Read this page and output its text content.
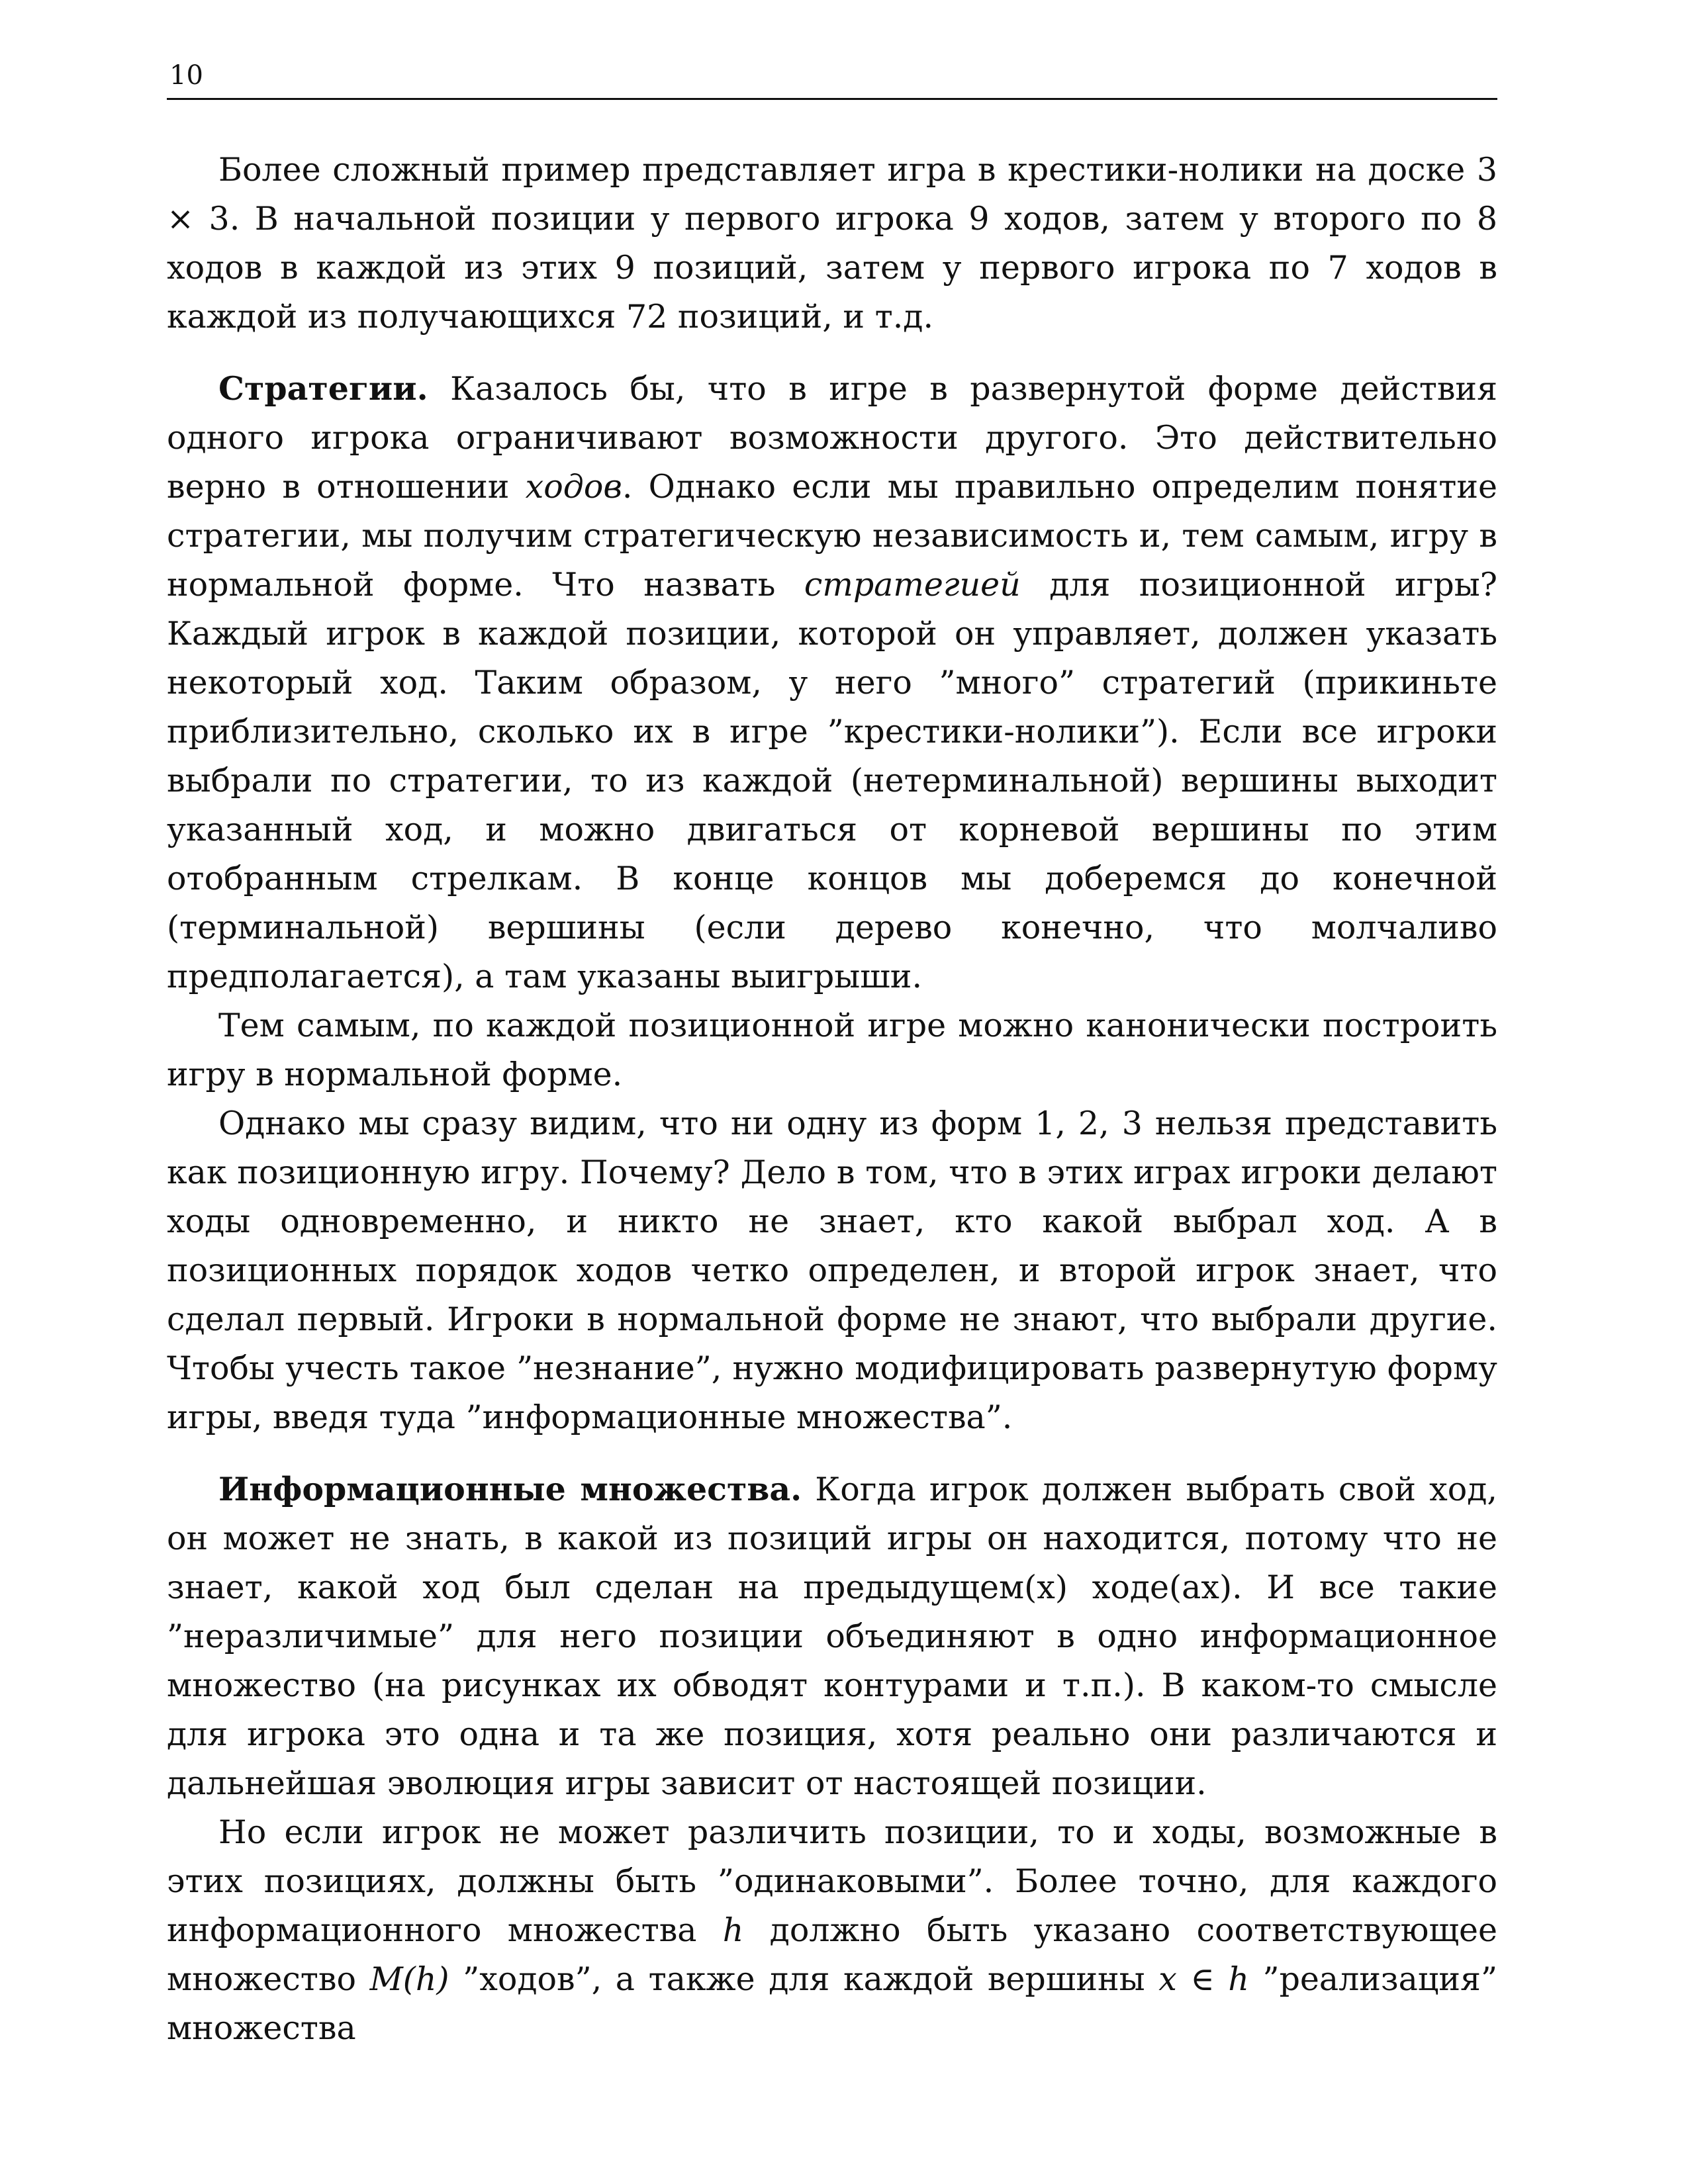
10

Более сложный пример представляет игра в крестики-нолики на доске 3 × 3. В начальной позиции у первого игрока 9 ходов, затем у второго по 8 ходов в каждой из этих 9 позиций, затем у первого игрока по 7 ходов в каждой из получающихся 72 позиций, и т.д.

Стратегии. Казалось бы, что в игре в развернутой форме действия одного игрока ограничивают возможности другого. Это действительно верно в отношении ходов. Однако если мы правильно определим понятие стратегии, мы получим стратегическую независимость и, тем самым, игру в нормальной форме. Что назвать стратегией для позиционной игры? Каждый игрок в каждой позиции, которой он управляет, должен указать некоторый ход. Таким образом, у него ”много” стратегий (прикиньте приблизительно, сколько их в игре ”крестики-нолики”). Если все игроки выбрали по стратегии, то из каждой (нетерминальной) вершины выходит указанный ход, и можно двигаться от корневой вершины по этим отобранным стрелкам. В конце концов мы доберемся до конечной (терминальной) вершины (если дерево конечно, что молчаливо предполагается), а там указаны выигрыши.

Тем самым, по каждой позиционной игре можно канонически построить игру в нормальной форме.

Однако мы сразу видим, что ни одну из форм 1, 2, 3 нельзя представить как позиционную игру. Почему? Дело в том, что в этих играх игроки делают ходы одновременно, и никто не знает, кто какой выбрал ход. А в позиционных порядок ходов четко определен, и второй игрок знает, что сделал первый. Игроки в нормальной форме не знают, что выбрали другие. Чтобы учесть такое ”незнание”, нужно модифицировать развернутую форму игры, введя туда ”информационные множества”.

Информационные множества. Когда игрок должен выбрать свой ход, он может не знать, в какой из позиций игры он находится, потому что не знает, какой ход был сделан на предыдущем(х) ходе(ах). И все такие ”неразличимые” для него позиции объединяют в одно информационное множество (на рисунках их обводят контурами и т.п.). В каком-то смысле для игрока это одна и та же позиция, хотя реально они различаются и дальнейшая эволюция игры зависит от настоящей позиции.

Но если игрок не может различить позиции, то и ходы, возможные в этих позициях, должны быть ”одинаковыми”. Более точно, для каждого информационного множества h должно быть указано соответствующее множество M(h) ”ходов”, а также для каждой вершины x ∈ h ”реализация” множества
